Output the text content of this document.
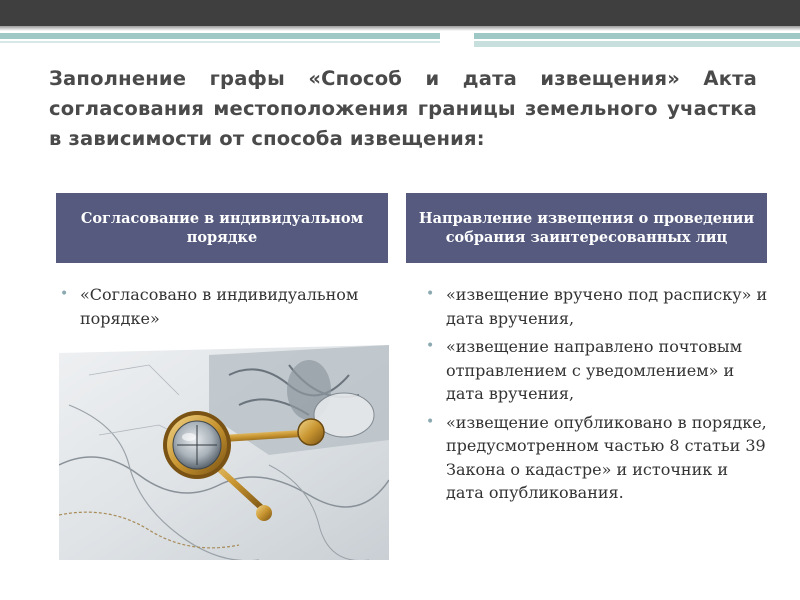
Заполнение графы «Способ и дата извещения» Акта согласования местоположения границы земельного участка в зависимости от способа извещения:
Согласование в индивидуальном порядке
Направление извещения о проведении собрания заинтересованных лиц
• «Согласовано в индивидуальном порядке»
• «извещение вручено под расписку» и дата вручения,
• «извещение направлено почтовым отправлением с уведомлением» и дата вручения,
• «извещение опубликовано в порядке, предусмотренном частью 8 статьи 39 Закона о кадастре» и источник и дата опубликования.
